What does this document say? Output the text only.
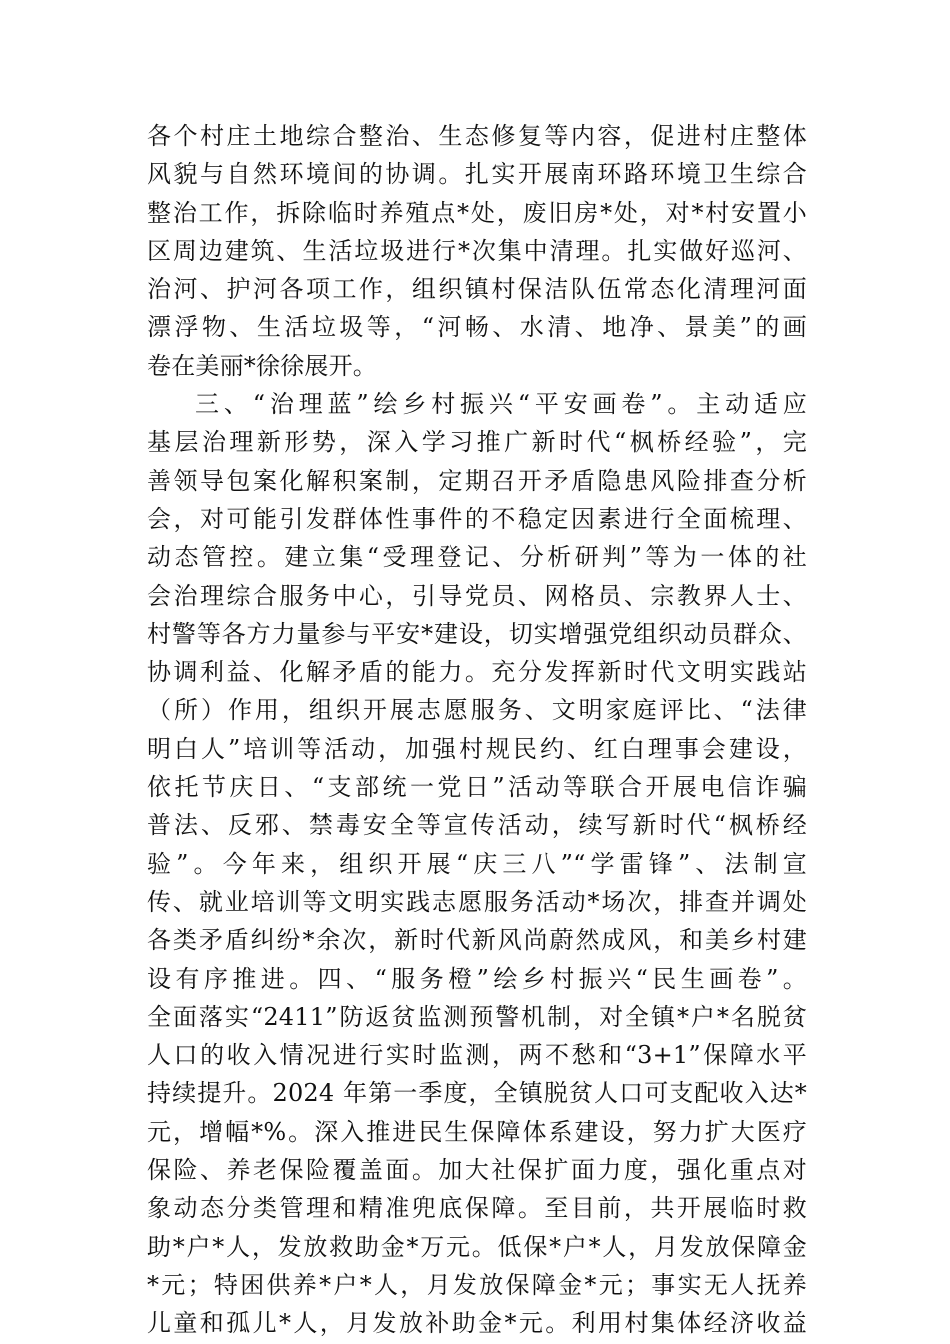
各个村庄土地综合整治、生态修复等内容，促进村庄整体
风貌与自然环境间的协调。扎实开展南环路环境卫生综合
整治工作，拆除临时养殖点*处，废旧房*处，对*村安置小
区周边建筑、生活垃圾进行*次集中清理。扎实做好巡河、
治河、护河各项工作，组织镇村保洁队伍常态化清理河面
漂浮物、生活垃圾等，“河畅、水清、地净、景美”的画
卷在美丽*徐徐展开。
三、“治理蓝”绘乡村振兴“平安画卷”。主动适应
基层治理新形势，深入学习推广新时代“枫桥经验”，完
善领导包案化解积案制，定期召开矛盾隐患风险排查分析
会，对可能引发群体性事件的不稳定因素进行全面梳理、
动态管控。建立集“受理登记、分析研判”等为一体的社
会治理综合服务中心，引导党员、网格员、宗教界人士、
村警等各方力量参与平安*建设，切实增强党组织动员群众、
协调利益、化解矛盾的能力。充分发挥新时代文明实践站
（所）作用，组织开展志愿服务、文明家庭评比、“法律
明白人”培训等活动，加强村规民约、红白理事会建设，
依托节庆日、“支部统一党日”活动等联合开展电信诈骗
普法、反邪、禁毒安全等宣传活动，续写新时代“枫桥经
验”。今年来，组织开展“庆三八”“学雷锋”、法制宣
传、就业培训等文明实践志愿服务活动*场次，排查并调处
各类矛盾纠纷*余次，新时代新风尚蔚然成风，和美乡村建
设有序推进。四、“服务橙”绘乡村振兴“民生画卷”。
全面落实“2411”防返贫监测预警机制，对全镇*户*名脱贫
人口的收入情况进行实时监测，两不愁和“3+1”保障水平
持续提升。2024 年第一季度，全镇脱贫人口可支配收入达*
元，增幅*%。深入推进民生保障体系建设，努力扩大医疗
保险、养老保险覆盖面。加大社保扩面力度，强化重点对
象动态分类管理和精准兜底保障。至目前，共开展临时救
助*户*人，发放救助金*万元。低保*户*人，月发放保障金
*元；特困供养*户*人，月发放保障金*元；事实无人抚养
儿童和孤儿*人，月发放补助金*元。利用村集体经济收益
